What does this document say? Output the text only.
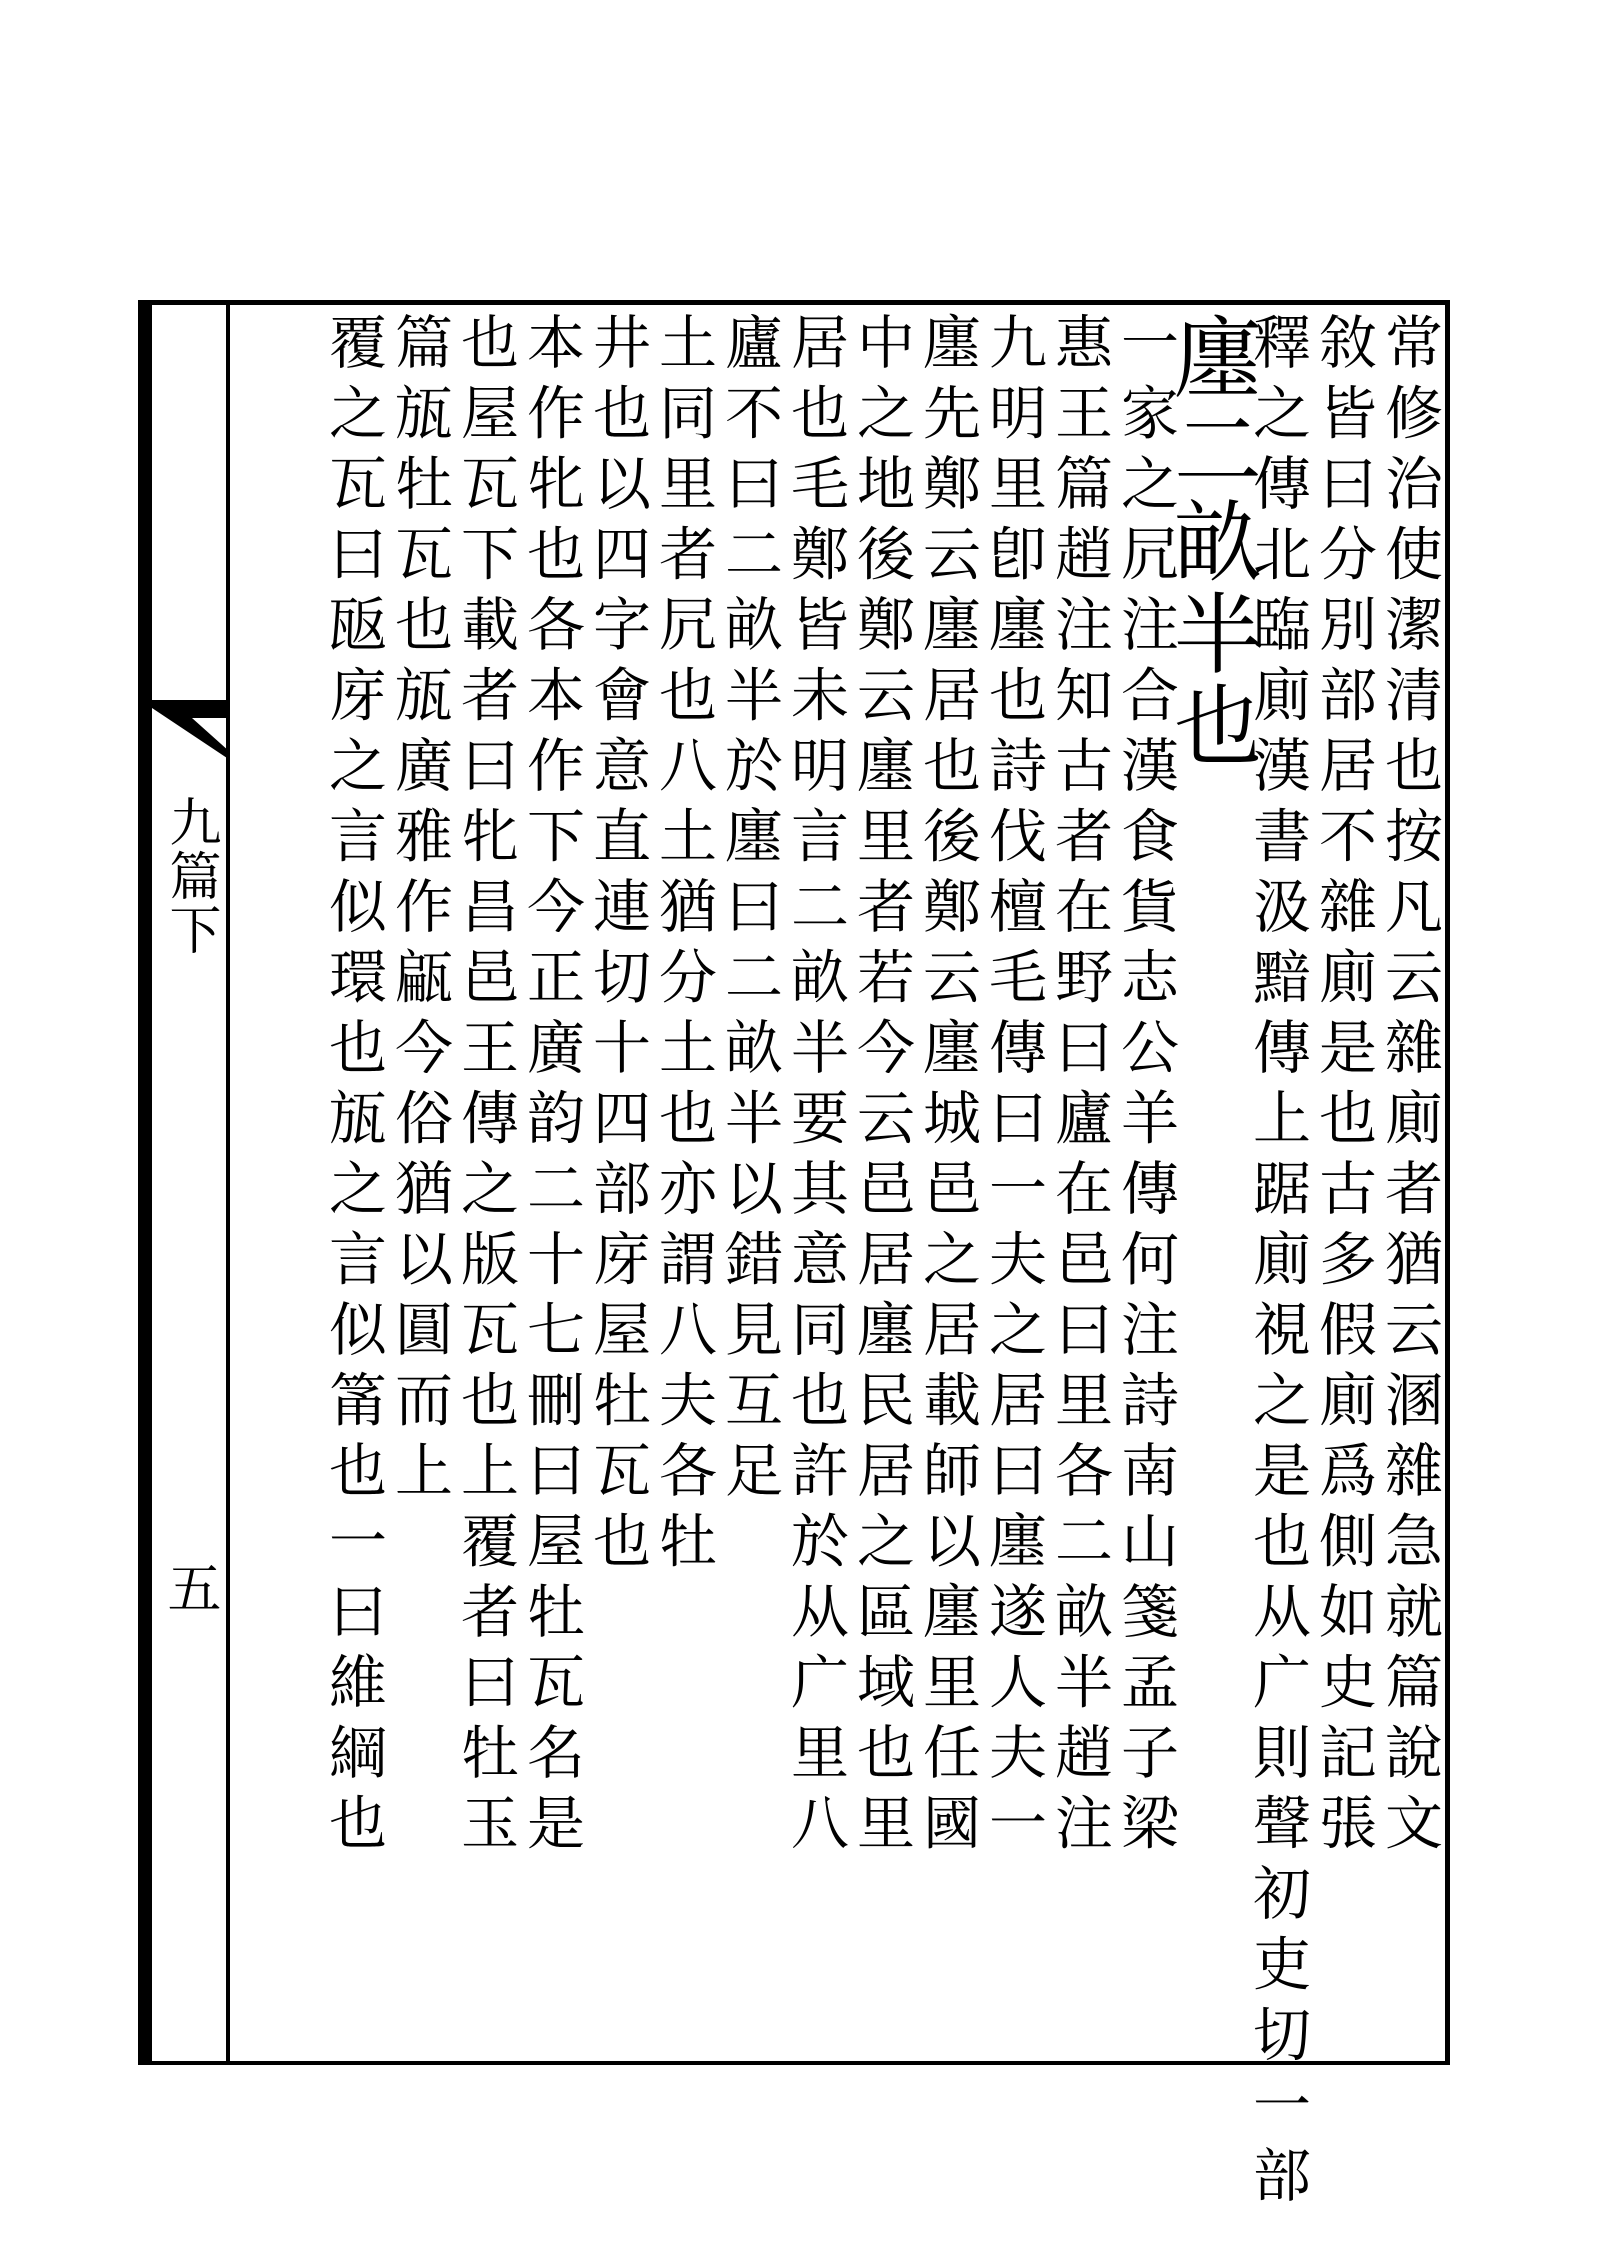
九篇下
五	常修治使潔清也按凡云雜廁者猶云溷雜急就篇說文
敘皆曰分別部居不雜廁是也古多假廁爲側如史記張
釋之傳北臨廁漢書汲黯傳上踞廁視之是也从广則聲初吏切一部
廛二畝半也
一家之凥注合漢食貨志公羊傳何注詩南山箋孟子梁
惠王篇趙注知古者在野曰廬在邑曰里各二畝半趙注
九明里卽廛也詩伐檀毛傳曰一夫之居曰廛遂人夫一
廛先鄭云廛居也後鄭云廛城邑之居載師以廛里任國
中之地後鄭云廛里者若今云邑居廛民居之區域也里
居也毛鄭皆未明言二畝半要其意同也許於从广里八
廬不曰二畝半於廛曰二畝半以錯見互足
土同里者凥也八土猶分土也亦謂八夫各牡
井也以四字會意直連切十四部庌屋牡瓦也
本作牝也各本作下今正廣韵二十七刪曰屋牡瓦名是
也屋瓦下載者曰牝昌邑王傳之版瓦也上覆者曰牡玉
篇瓬牡瓦也瓬廣雅作甂今俗猶以圓而上
覆之瓦曰瓪庌之言似環也瓬之言似筩也一曰維綱也
